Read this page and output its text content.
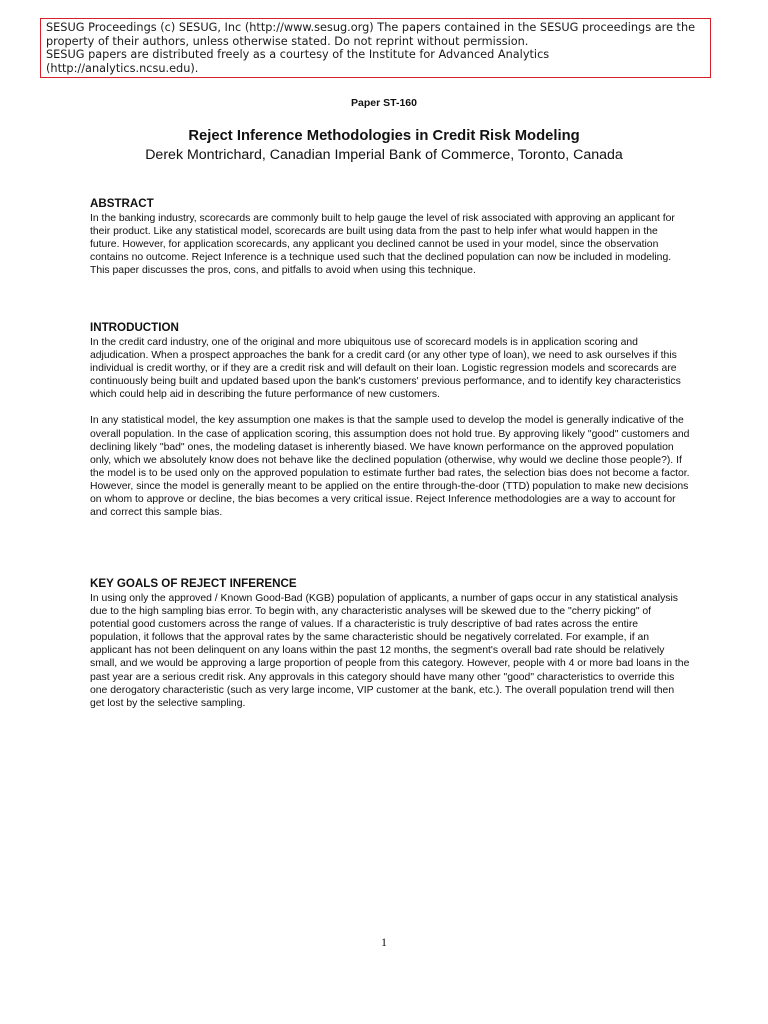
SESUG Proceedings (c) SESUG, Inc (http://www.sesug.org) The papers contained in the SESUG proceedings are the property of their authors, unless otherwise stated. Do not reprint without permission.

SESUG papers are distributed freely as a courtesy of the Institute for Advanced Analytics (http://analytics.ncsu.edu).

Paper ST-160
Reject Inference Methodologies in Credit Risk Modeling
Derek Montrichard, Canadian Imperial Bank of Commerce, Toronto, Canada
ABSTRACT

In the banking industry, scorecards are commonly built to help gauge the level of risk associated with approving an applicant for their product. Like any statistical model, scorecards are built using data from the past to help infer what would happen in the future. However, for application scorecards, any applicant you declined cannot be used in your model, since the observation contains no outcome. Reject Inference is a technique used such that the declined population can now be included in modeling. This paper discusses the pros, cons, and pitfalls to avoid when using this technique.

INTRODUCTION

In the credit card industry, one of the original and more ubiquitous use of scorecard models is in application scoring and adjudication. When a prospect approaches the bank for a credit card (or any other type of loan), we need to ask ourselves if this individual is credit worthy, or if they are a credit risk and will default on their loan. Logistic regression models and scorecards are continuously being built and updated based upon the bank's customers' previous performance, and to identify key characteristics which could help aid in describing the future performance of new customers.

In any statistical model, the key assumption one makes is that the sample used to develop the model is generally indicative of the overall population. In the case of application scoring, this assumption does not hold true. By approving likely "good" customers and declining likely "bad" ones, the modeling dataset is inherently biased. We have known performance on the approved population only, which we absolutely know does not behave like the declined population (otherwise, why would we decline those people?). If the model is to be used only on the approved population to estimate further bad rates, the selection bias does not become a factor. However, since the model is generally meant to be applied on the entire through-the-door (TTD) population to make new decisions on whom to approve or decline, the bias becomes a very critical issue. Reject Inference methodologies are a way to account for and correct this sample bias.

KEY GOALS OF REJECT INFERENCE

In using only the approved / Known Good-Bad (KGB) population of applicants, a number of gaps occur in any statistical analysis due to the high sampling bias error. To begin with, any characteristic analyses will be skewed due to the "cherry picking" of potential good customers across the range of values. If a characteristic is truly descriptive of bad rates across the entire population, it follows that the approval rates by the same characteristic should be negatively correlated. For example, if an applicant has not been delinquent on any loans within the past 12 months, the segment's overall bad rate should be relatively small, and we would be approving a large proportion of people from this category. However, people with 4 or more bad loans in the past year are a serious credit risk. Any approvals in this category should have many other "good" characteristics to override this one derogatory characteristic (such as very large income, VIP customer at the bank, etc.). The overall population trend will then get lost by the selective sampling.

1
